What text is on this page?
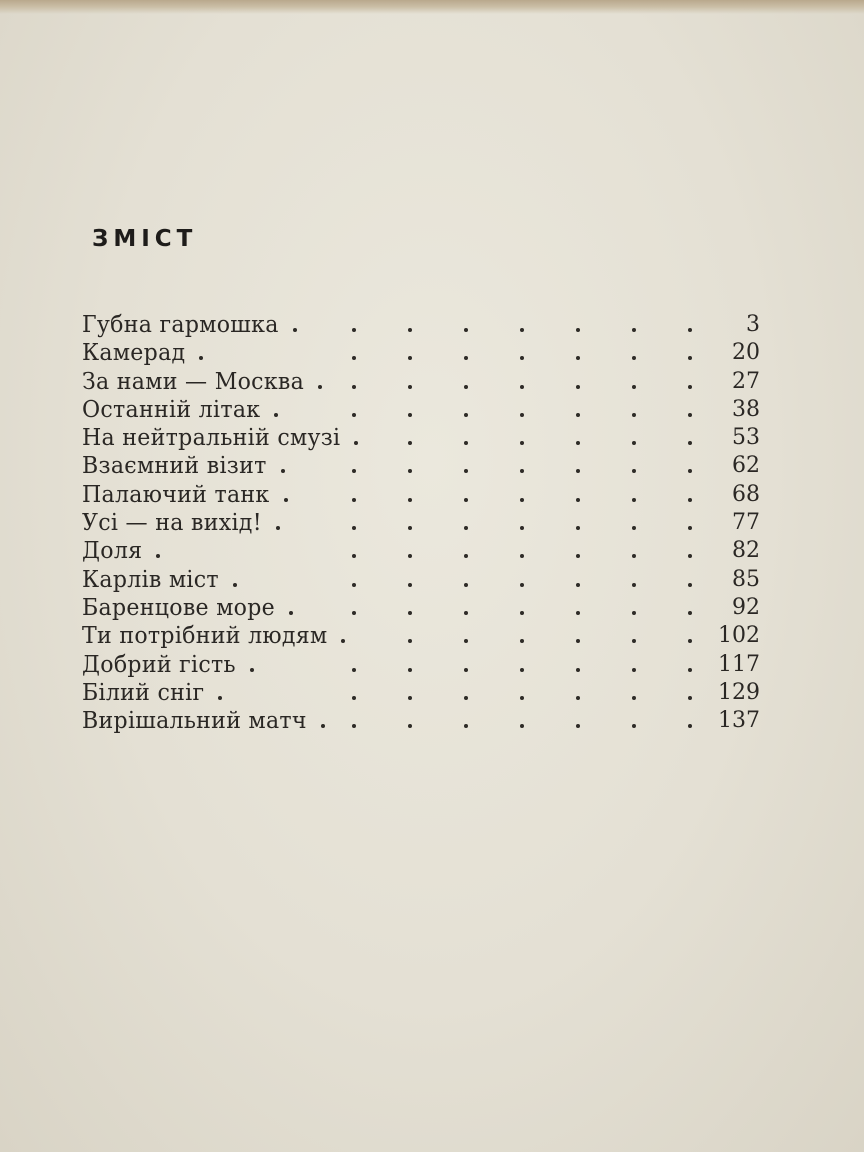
ЗМІСТ
Губна гармошка	3
Камерад	20
За нами — Москва	27
Останній літак	38
На нейтральній смузі	53
Взаємний візит	62
Палаючий танк	68
Усі — на вихід!	77
Доля	82
Карлів міст	85
Баренцове море	92
Ти потрібний людям	102
Добрий гість	117
Білий сніг	129
Вирішальний матч	137
